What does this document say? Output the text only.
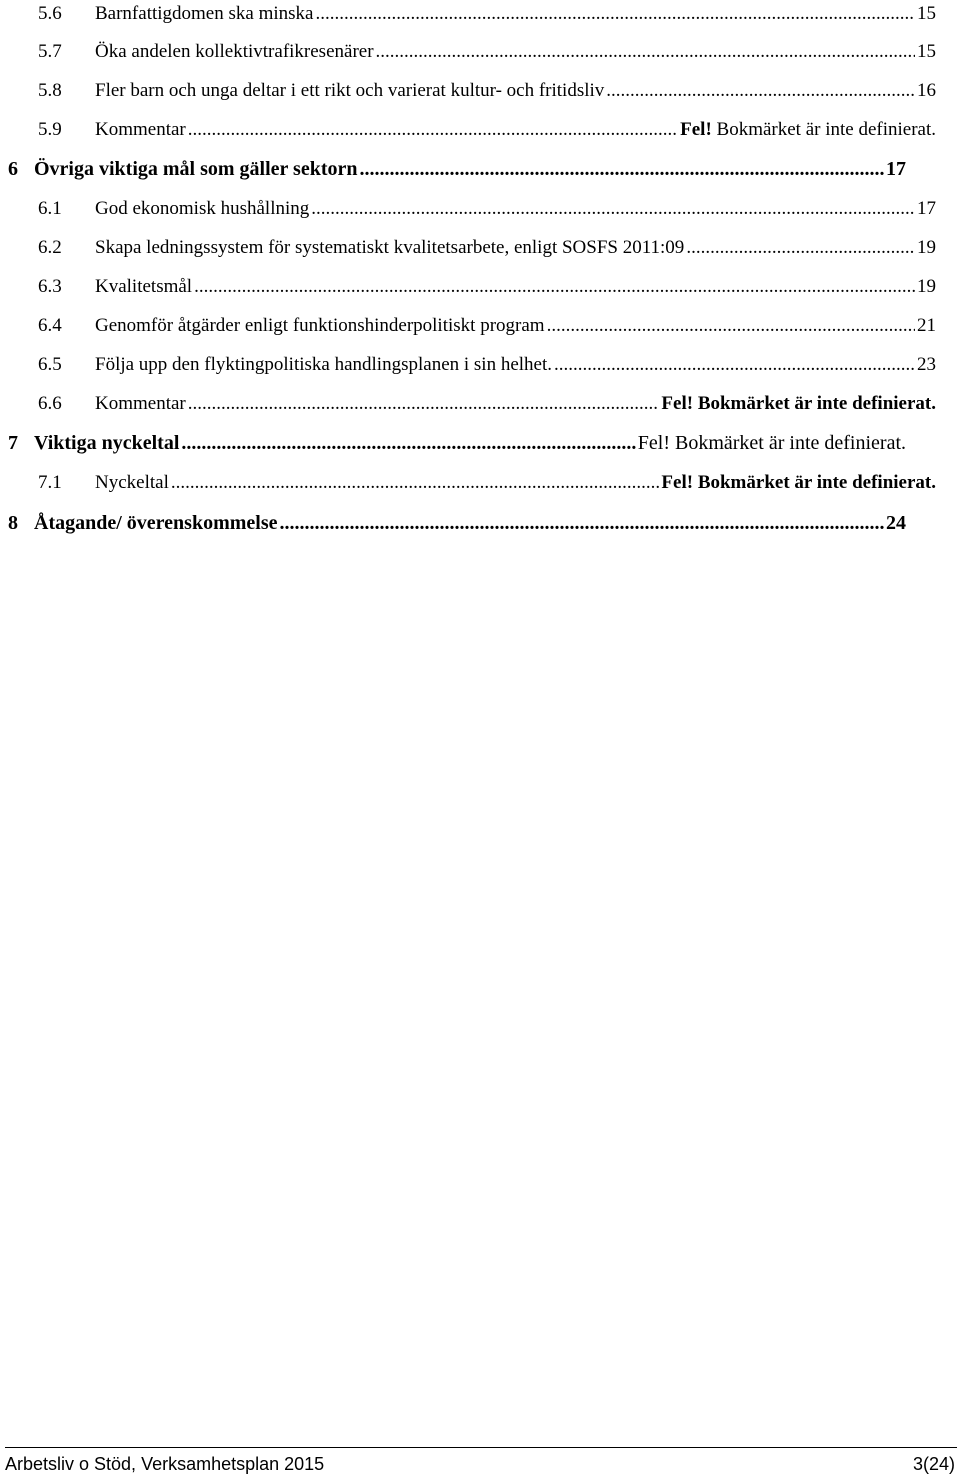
5.6	Barnfattigdomen ska minska .....	15
5.7	Öka andelen kollektivtrafikresenärer .....	15
5.8	Fler barn och unga deltar i ett rikt och varierat kultur- och fritidsliv .....	16
5.9	Kommentar .....	Fel! Bokmärket är inte definierat.
6 Övriga viktiga mål som gäller sektorn .....	17
6.1	God ekonomisk hushållning .....	17
6.2	Skapa ledningssystem för systematiskt kvalitetsarbete, enligt SOSFS 2011:09 .....	19
6.3	Kvalitetsmål .....	19
6.4	Genomför åtgärder enligt funktionshinderpolitiskt program .....	21
6.5	Följa upp den flyktingpolitiska handlingsplanen i sin helhet. .....	23
6.6	Kommentar .....	Fel! Bokmärket är inte definierat.
7 Viktiga nyckeltal .....	Fel! Bokmärket är inte definierat.
7.1	Nyckeltal .....	Fel! Bokmärket är inte definierat.
8 Åtagande/ överenskommelse .....	24
Arbetsliv o Stöd, Verksamhetsplan 2015	3(24)
